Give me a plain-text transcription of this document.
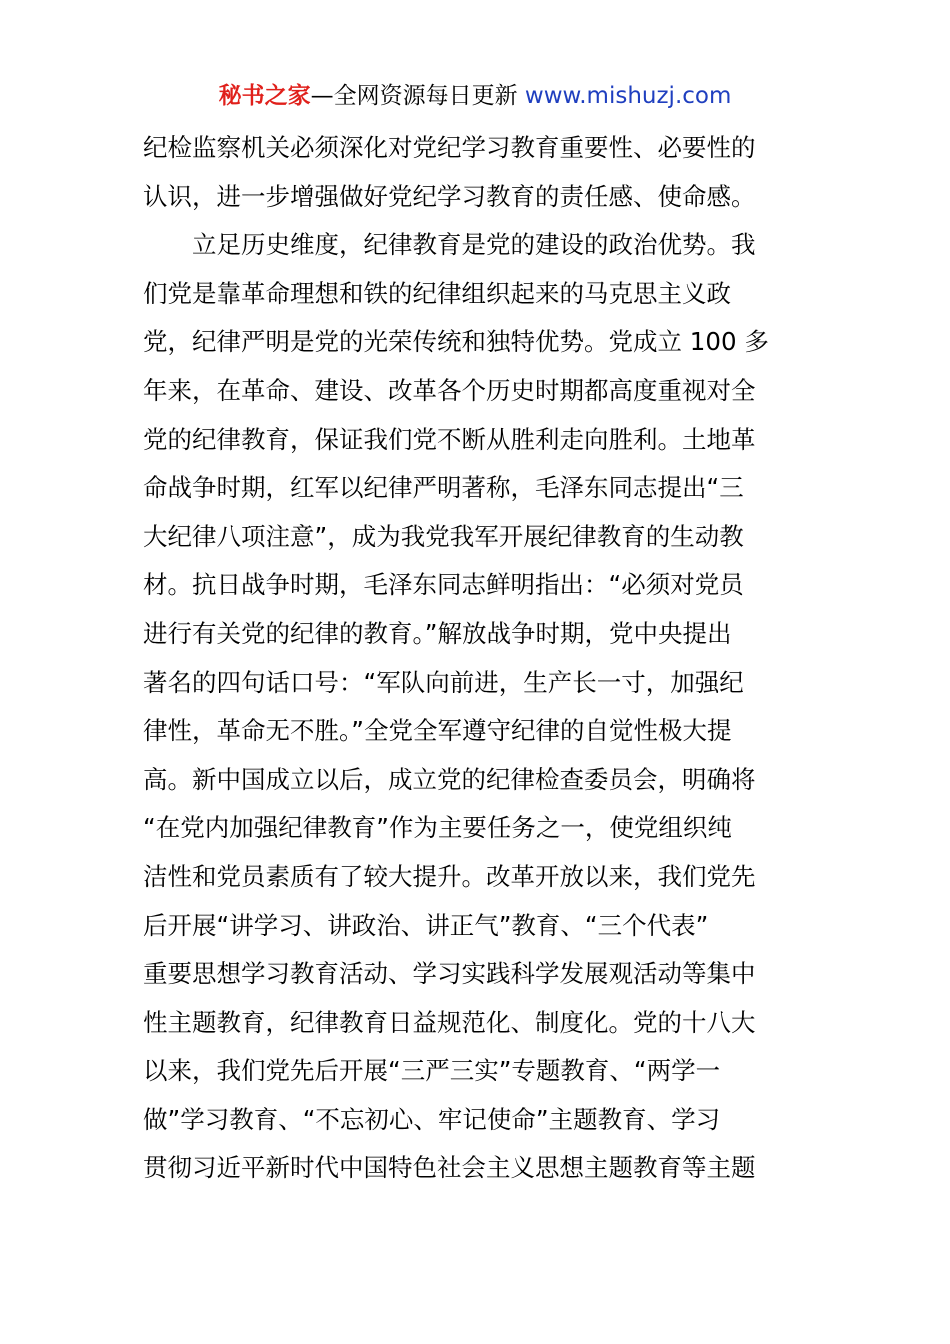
秘书之家—全网资源每日更新 www.mishuzj.com
纪检监察机关必须深化对党纪学习教育重要性、必要性的
认识，进一步增强做好党纪学习教育的责任感、使命感。
立足历史维度，纪律教育是党的建设的政治优势。我
们党是靠革命理想和铁的纪律组织起来的马克思主义政
党，纪律严明是党的光荣传统和独特优势。党成立 100 多
年来，在革命、建设、改革各个历史时期都高度重视对全
党的纪律教育，保证我们党不断从胜利走向胜利。土地革
命战争时期，红军以纪律严明著称，毛泽东同志提出“三
大纪律八项注意”，成为我党我军开展纪律教育的生动教
材。抗日战争时期，毛泽东同志鲜明指出：“必须对党员
进行有关党的纪律的教育。”解放战争时期，党中央提出
著名的四句话口号：“军队向前进，生产长一寸，加强纪
律性，革命无不胜。”全党全军遵守纪律的自觉性极大提
高。新中国成立以后，成立党的纪律检查委员会，明确将
“在党内加强纪律教育”作为主要任务之一，使党组织纯
洁性和党员素质有了较大提升。改革开放以来，我们党先
后开展“讲学习、讲政治、讲正气”教育、“三个代表”
重要思想学习教育活动、学习实践科学发展观活动等集中
性主题教育，纪律教育日益规范化、制度化。党的十八大
以来，我们党先后开展“三严三实”专题教育、“两学一
做”学习教育、“不忘初心、牢记使命”主题教育、学习
贯彻习近平新时代中国特色社会主义思想主题教育等主题
